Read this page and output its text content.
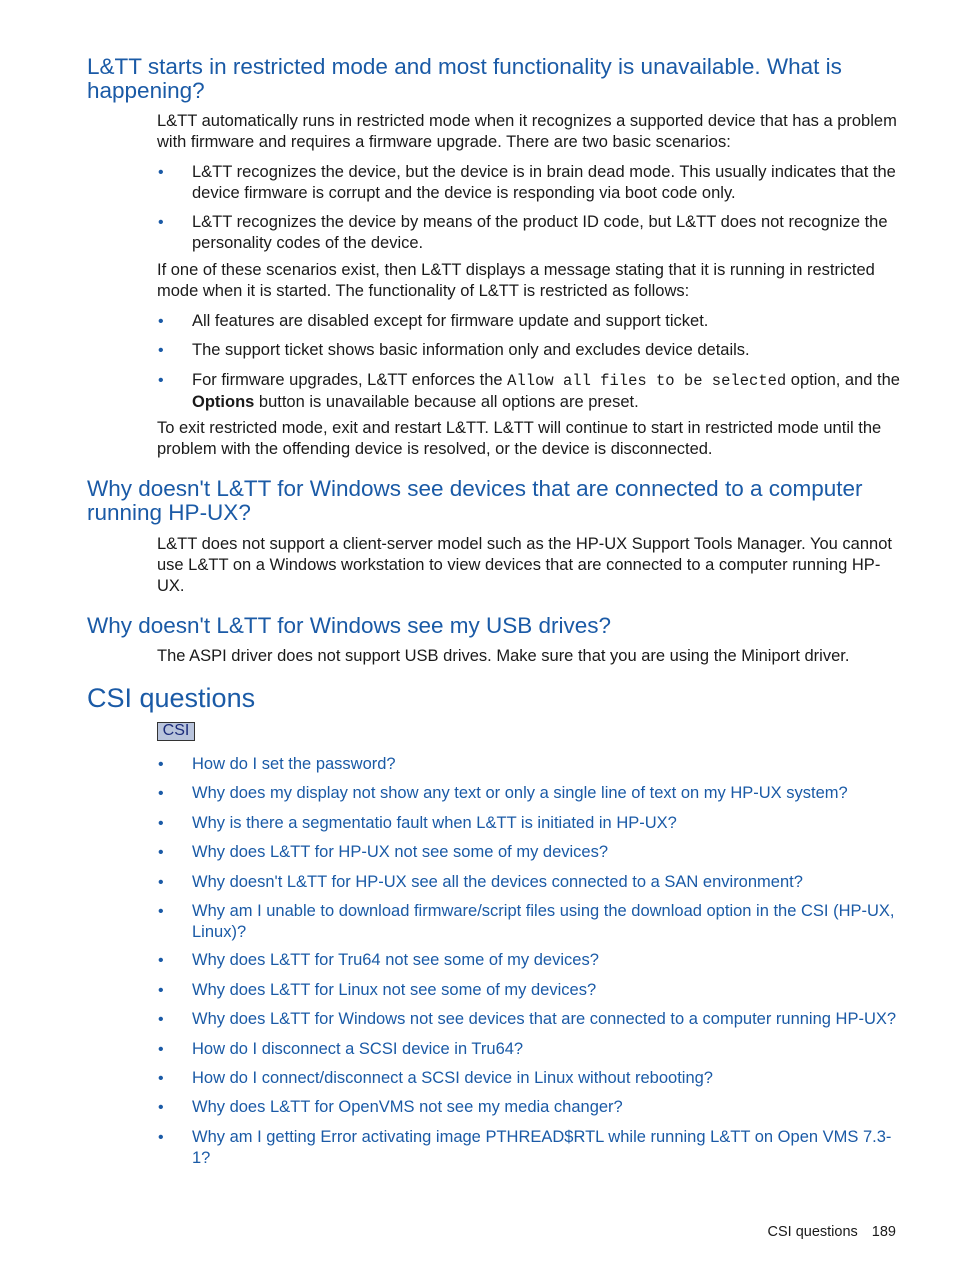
L&TT starts in restricted mode and most functionality is unavailable. What is happening?

L&TT automatically runs in restricted mode when it recognizes a supported device that has a problem with firmware and requires a firmware upgrade. There are two basic scenarios:

• L&TT recognizes the device, but the device is in brain dead mode. This usually indicates that the device firmware is corrupt and the device is responding via boot code only.
• L&TT recognizes the device by means of the product ID code, but L&TT does not recognize the personality codes of the device.

If one of these scenarios exist, then L&TT displays a message stating that it is running in restricted mode when it is started. The functionality of L&TT is restricted as follows:

• All features are disabled except for firmware update and support ticket.
• The support ticket shows basic information only and excludes device details.
• For firmware upgrades, L&TT enforces the Allow all files to be selected option, and the Options button is unavailable because all options are preset.

To exit restricted mode, exit and restart L&TT. L&TT will continue to start in restricted mode until the problem with the offending device is resolved, or the device is disconnected.

Why doesn't L&TT for Windows see devices that are connected to a computer running HP-UX?

L&TT does not support a client-server model such as the HP-UX Support Tools Manager. You cannot use L&TT on a Windows workstation to view devices that are connected to a computer running HP-UX.

Why doesn't L&TT for Windows see my USB drives?

The ASPI driver does not support USB drives. Make sure that you are using the Miniport driver.

CSI questions
CSI
• How do I set the password?
• Why does my display not show any text or only a single line of text on my HP-UX system?
• Why is there a segmentatio fault when L&TT is initiated in HP-UX?
• Why does L&TT for HP-UX not see some of my devices?
• Why doesn't L&TT for HP-UX see all the devices connected to a SAN environment?
• Why am I unable to download firmware/script files using the download option in the CSI (HP-UX, Linux)?
• Why does L&TT for Tru64 not see some of my devices?
• Why does L&TT for Linux not see some of my devices?
• Why does L&TT for Windows not see devices that are connected to a computer running HP-UX?
• How do I disconnect a SCSI device in Tru64?
• How do I connect/disconnect a SCSI device in Linux without rebooting?
• Why does L&TT for OpenVMS not see my media changer?
• Why am I getting Error activating image PTHREAD$RTL while running L&TT on Open VMS 7.3-1?
CSI questions 189
